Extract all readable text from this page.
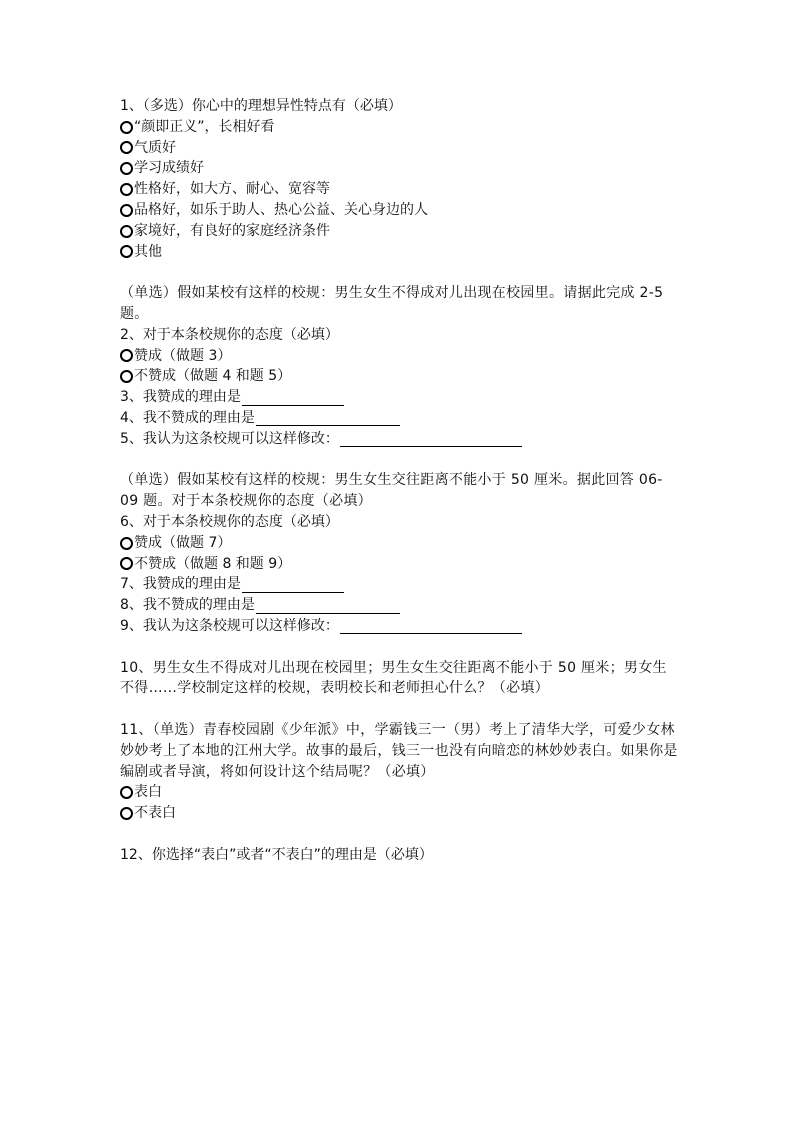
1、（多选）你心中的理想异性特点有（必填）
“颜即正义”，长相好看
气质好
学习成绩好
性格好，如大方、耐心、宽容等
品格好，如乐于助人、热心公益、关心身边的人
家境好，有良好的家庭经济条件
其他
（单选）假如某校有这样的校规：男生女生不得成对儿出现在校园里。请据此完成 2-5 题。
2、对于本条校规你的态度（必填）
赞成（做题 3）
不赞成（做题 4 和题 5）
3、我赞成的理由是
4、我不赞成的理由是
5、我认为这条校规可以这样修改：
（单选）假如某校有这样的校规：男生女生交往距离不能小于 50 厘米。据此回答 06-09 题。对于本条校规你的态度（必填）
6、对于本条校规你的态度（必填）
赞成（做题 7）
不赞成（做题 8 和题 9）
7、我赞成的理由是
8、我不赞成的理由是
9、我认为这条校规可以这样修改：
10、男生女生不得成对儿出现在校园里；男生女生交往距离不能小于 50 厘米；男女生不得……学校制定这样的校规，表明校长和老师担心什么？（必填）
11、（单选）青春校园剧《少年派》中，学霸钱三一（男）考上了清华大学，可爱少女林妙妙考上了本地的江州大学。故事的最后，钱三一也没有向暗恋的林妙妙表白。如果你是编剧或者导演，将如何设计这个结局呢？（必填）
表白
不表白
12、你选择“表白”或者“不表白”的理由是（必填）
